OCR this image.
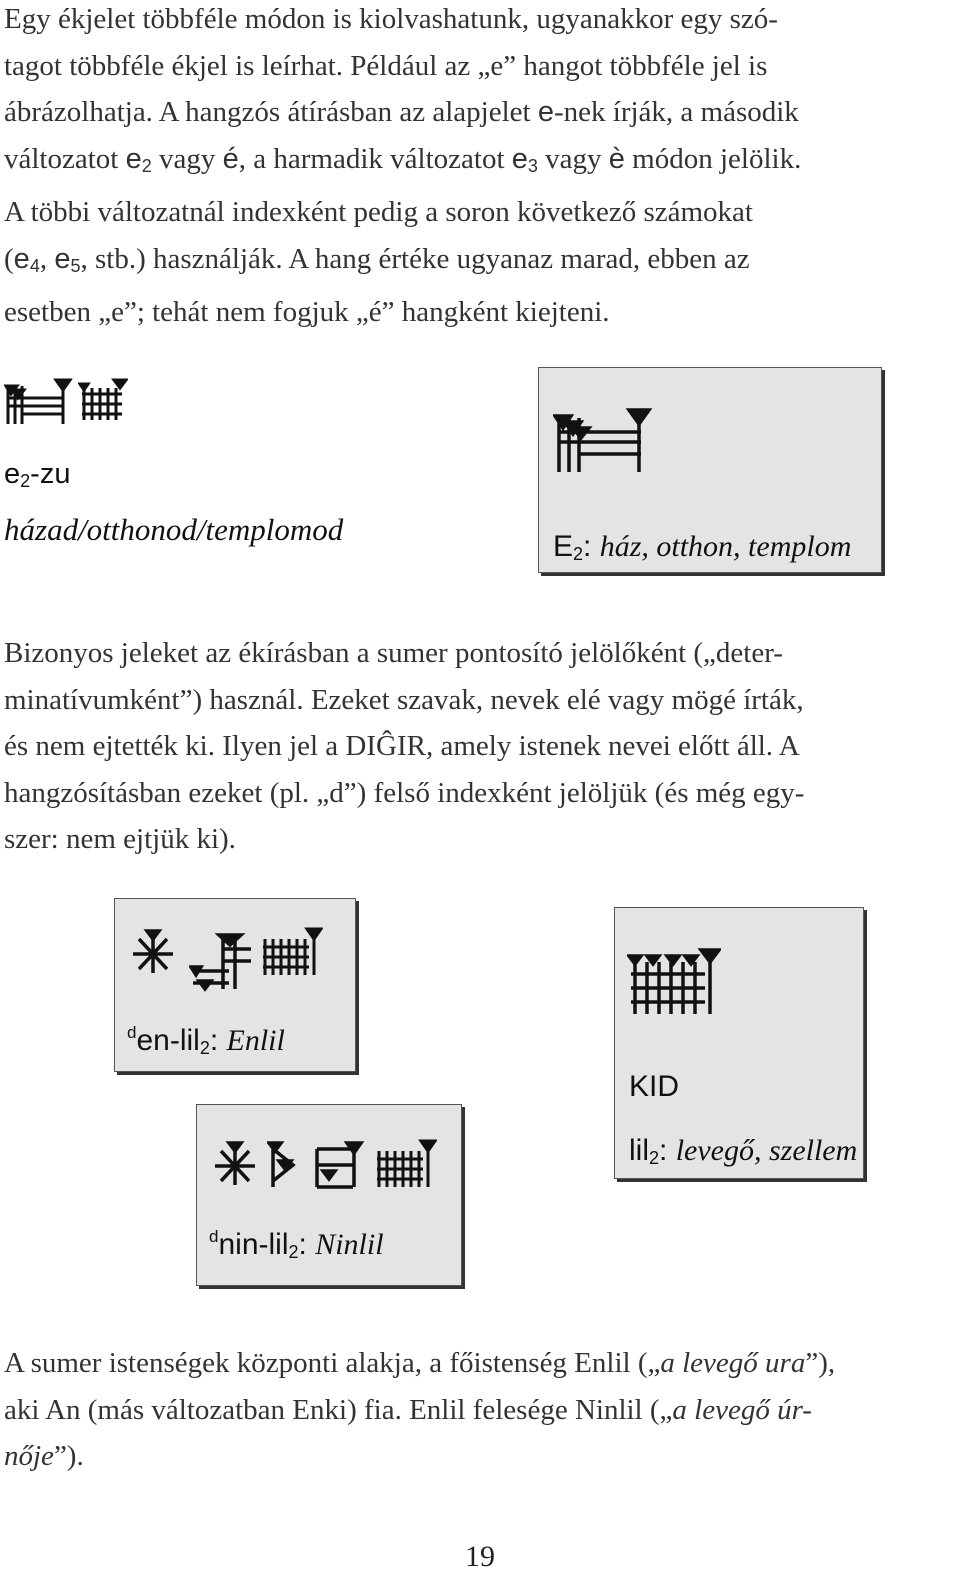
Egy ékjelet többféle módon is kiolvashatunk, ugyanakkor egy szó-

tagot többféle ékjel is leírhat. Például az „e” hangot többféle jel is

ábrázolhatja. A hangzós átírásban az alapjelet e-nek írják, a második

változatot $e_2$ vagy é, a harmadik változatot $e_3$ vagy è módon jelölik.

A többi változatnál indexként pedig a soron következő számokat

($e_4$, $e_5$, stb.) használják. A hang értéke ugyanaz marad, ebben az

esetben „e”; tehát nem fogjuk „é” hangként kiejteni.

$e_2-zu$
házad/otthonod/templomod	$E_2$: ház, otthon, templom

Bizonyos jeleket az ékírásban a sumer pontosító jelölőként („deter-

minatívumként”) használ. Ezeket szavak, nevek elé vagy mögé írták,

és nem ejtették ki. Ilyen jel a DIĜIR, amely istenek nevei előtt áll. A

hangzósításban ezeket (pl. „d”) felső indexként jelöljük (és még egy-

szer: nem ejtjük ki).

$^d$en-lil$_2$: Enlil
KID
lil$_2$: levegő, szellem
$^d$nin-lil$_2$: Ninlil

A sumer istenségek központi alakja, a főistenség Enlil („a levegő ura”),

aki An (más változatban Enki) fia. Enlil felesége Ninlil („a levegő úr-

nője”).

19
